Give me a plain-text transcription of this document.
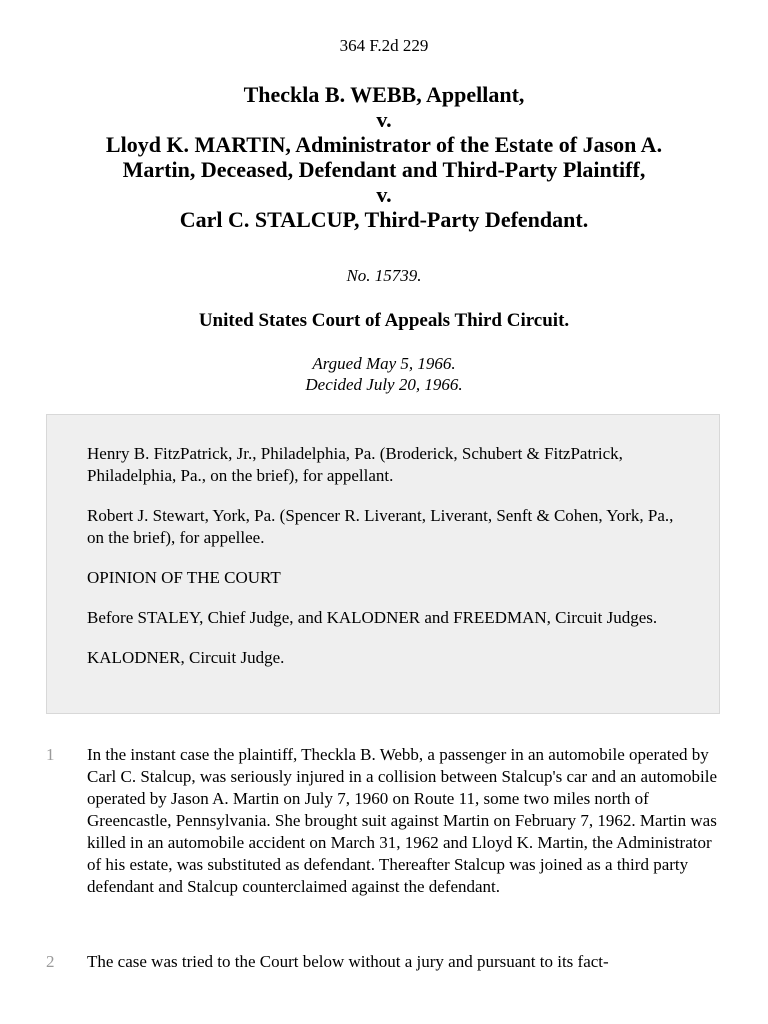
364 F.2d 229
Theckla B. WEBB, Appellant,
v.
Lloyd K. MARTIN, Administrator of the Estate of Jason A.
Martin, Deceased, Defendant and Third-Party Plaintiff,
v.
Carl C. STALCUP, Third-Party Defendant.
No. 15739.
United States Court of Appeals Third Circuit.
Argued May 5, 1966.
Decided July 20, 1966.

Henry B. FitzPatrick, Jr., Philadelphia, Pa. (Broderick, Schubert & FitzPatrick, Philadelphia, Pa., on the brief), for appellant.

Robert J. Stewart, York, Pa. (Spencer R. Liverant, Liverant, Senft & Cohen, York, Pa., on the brief), for appellee.

OPINION OF THE COURT

Before STALEY, Chief Judge, and KALODNER and FREEDMAN, Circuit Judges.

KALODNER, Circuit Judge.

1	In the instant case the plaintiff, Theckla B. Webb, a passenger in an automobile operated by Carl C. Stalcup, was seriously injured in a collision between Stalcup's car and an automobile operated by Jason A. Martin on July 7, 1960 on Route 11, some two miles north of Greencastle, Pennsylvania. She brought suit against Martin on February 7, 1962. Martin was killed in an automobile accident on March 31, 1962 and Lloyd K. Martin, the Administrator of his estate, was substituted as defendant. Thereafter Stalcup was joined as a third party defendant and Stalcup counterclaimed against the defendant.
2	The case was tried to the Court below without a jury and pursuant to its fact-
